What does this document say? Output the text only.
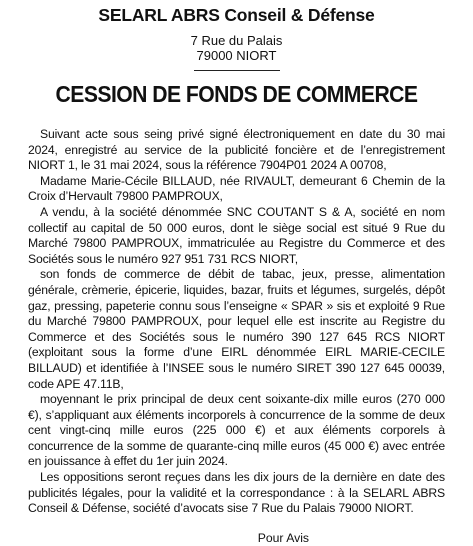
SELARL ABRS Conseil & Défense
7 Rue du Palais
79000 NIORT
CESSION DE FONDS DE COMMERCE

Suivant acte sous seing privé signé électroniquement en date du 30 mai 2024, enregistré au service de la publicité foncière et de l’enregistrement NIORT 1, le 31 mai 2024, sous la référence 7904P01 2024 A 00708,

Madame Marie-Cécile BILLAUD, née RIVAULT, demeurant 6 Chemin de la Croix d’Hervault 79800 PAMPROUX,

A vendu, à la société dénommée SNC COUTANT S & A, société en nom collectif au capital de 50 000 euros, dont le siège social est situé 9 Rue du Marché 79800 PAMPROUX, immatriculée au Registre du Commerce et des Sociétés sous le numéro 927 951 731 RCS NIORT,

son fonds de commerce de débit de tabac, jeux, presse, alimentation générale, crèmerie, épicerie, liquides, bazar, fruits et légumes, surgelés, dépôt gaz, pressing, papeterie connu sous l’enseigne « SPAR » sis et exploité 9 Rue du Marché 79800 PAMPROUX, pour lequel elle est inscrite au Registre du Commerce et des Sociétés sous le numéro 390 127 645 RCS NIORT (exploitant sous la forme d’une EIRL dénommée EIRL MARIE-CECILE BILLAUD) et identifiée à l’INSEE sous le numéro SIRET 390 127 645 00039, code APE 47.11B,

moyennant le prix principal de deux cent soixante-dix mille euros (270 000 €), s’appliquant aux éléments incorporels à concurrence de la somme de deux cent vingt-cinq mille euros (225 000 €) et aux éléments corporels à concurrence de la somme de quarante-cinq mille euros (45 000 €) avec entrée en jouissance à effet du 1er juin 2024.

Les oppositions seront reçues dans les dix jours de la dernière en date des publicités légales, pour la validité et la correspondance : à la SELARL ABRS Conseil & Défense, société d’avocats sise 7 Rue du Palais 79000 NIORT.

Pour Avis
